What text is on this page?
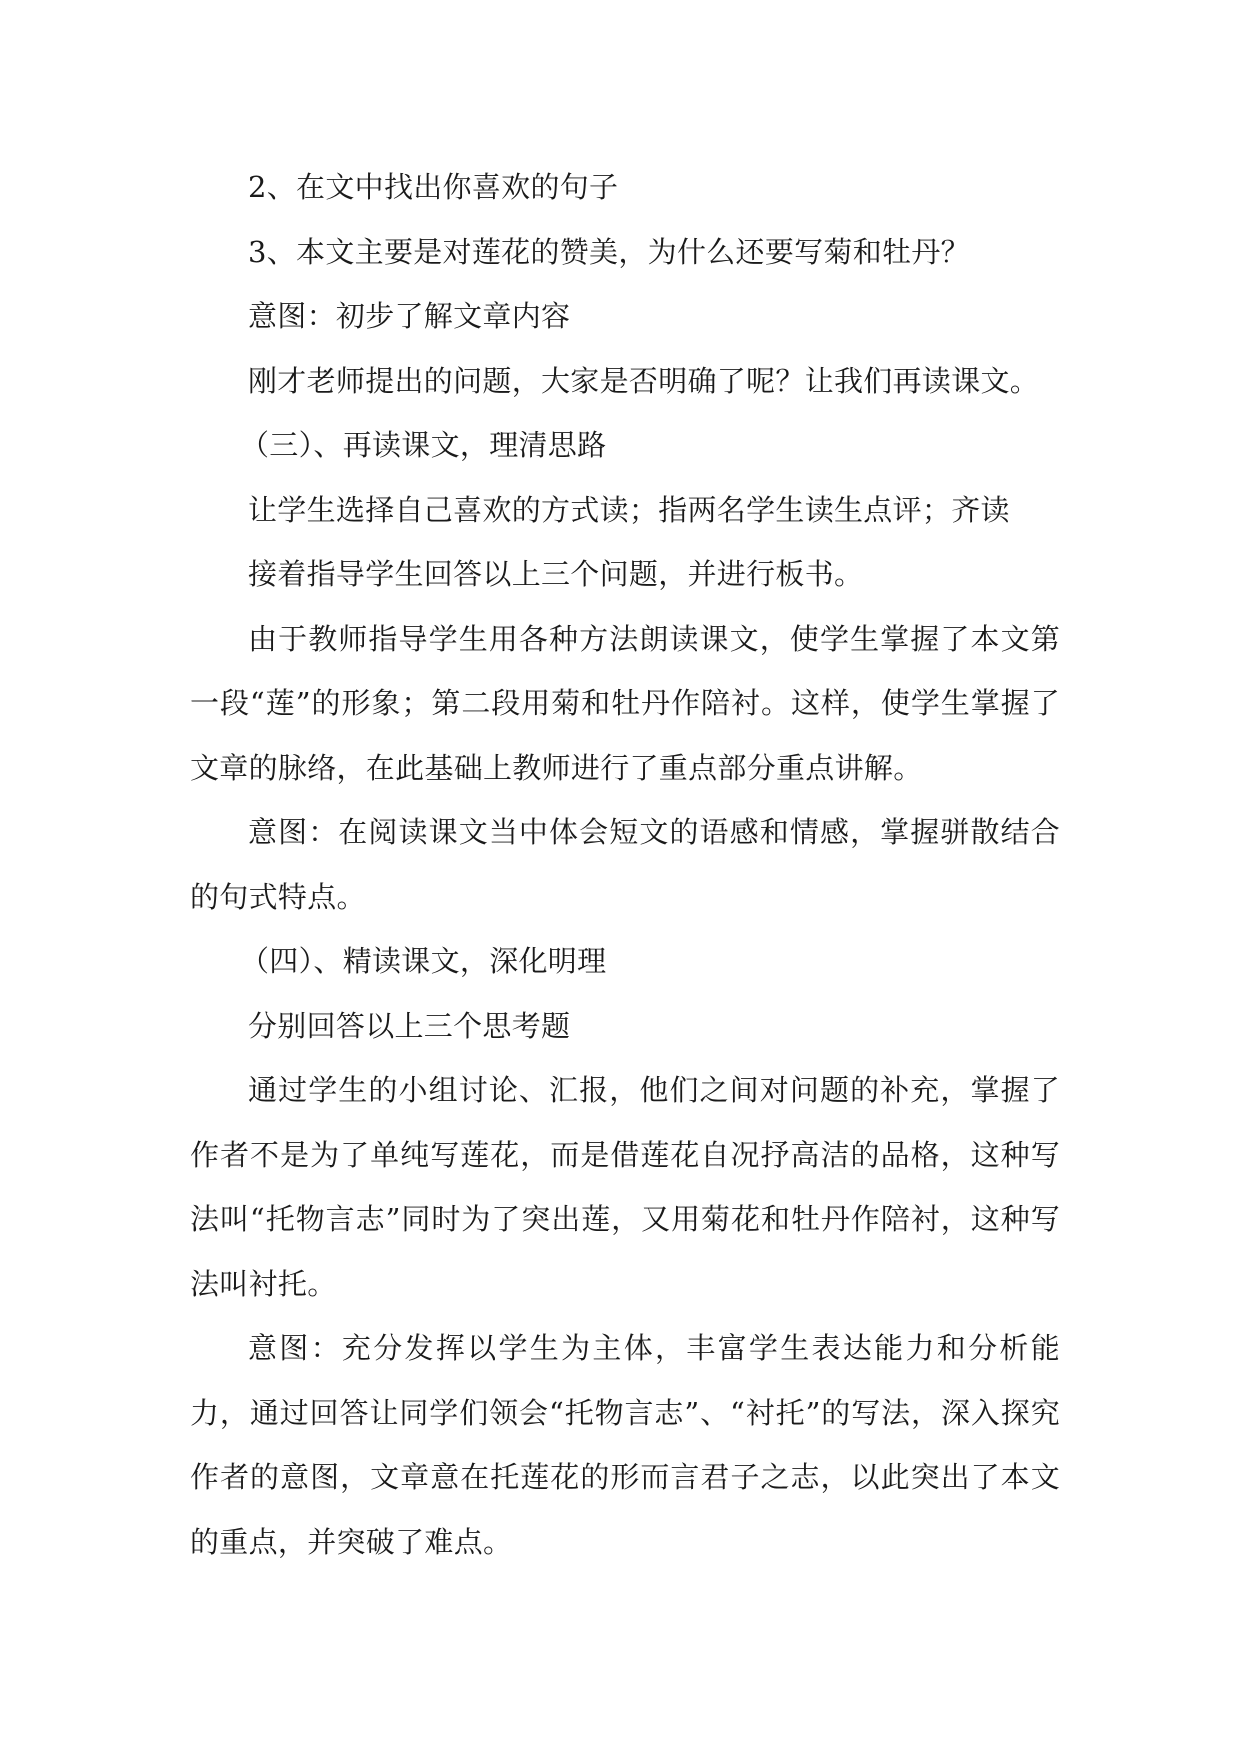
2、在文中找出你喜欢的句子

3、本文主要是对莲花的赞美，为什么还要写菊和牡丹？

意图：初步了解文章内容

刚才老师提出的问题，大家是否明确了呢？让我们再读课文。

（三）、再读课文，理清思路

让学生选择自己喜欢的方式读；指两名学生读生点评；齐读

接着指导学生回答以上三个问题，并进行板书。

由于教师指导学生用各种方法朗读课文，使学生掌握了本文第一段“莲”的形象；第二段用菊和牡丹作陪衬。这样，使学生掌握了文章的脉络，在此基础上教师进行了重点部分重点讲解。

意图：在阅读课文当中体会短文的语感和情感，掌握骈散结合的句式特点。

（四）、精读课文，深化明理

分别回答以上三个思考题

通过学生的小组讨论、汇报，他们之间对问题的补充，掌握了作者不是为了单纯写莲花，而是借莲花自况抒高洁的品格，这种写法叫“托物言志”同时为了突出莲，又用菊花和牡丹作陪衬，这种写法叫衬托。

意图：充分发挥以学生为主体，丰富学生表达能力和分析能力，通过回答让同学们领会“托物言志”、“衬托”的写法，深入探究作者的意图，文章意在托莲花的形而言君子之志，以此突出了本文的重点，并突破了难点。
